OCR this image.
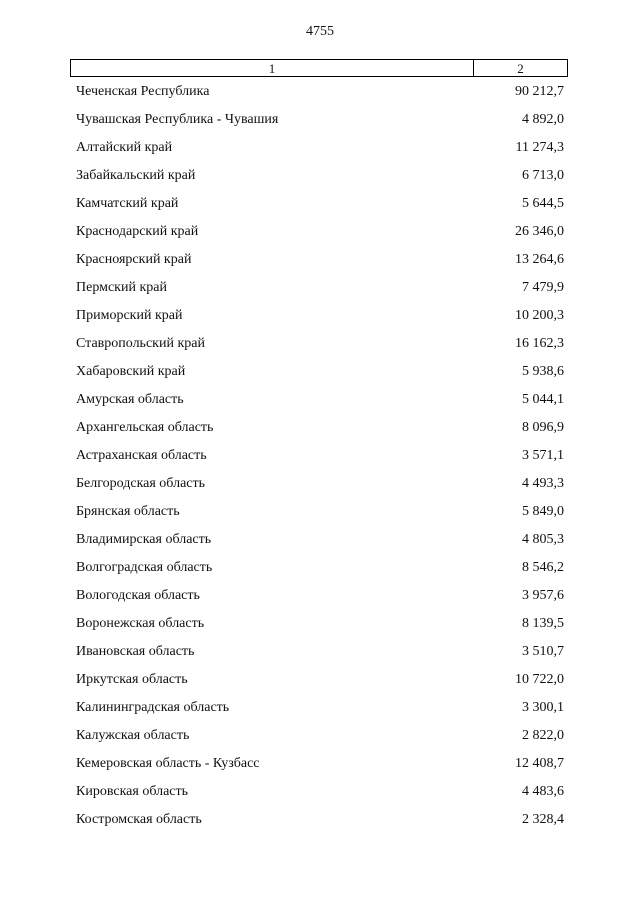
4755
1	2
Чеченская Республика	90 212,7
Чувашская Республика - Чувашия	4 892,0
Алтайский край	11 274,3
Забайкальский край	6 713,0
Камчатский край	5 644,5
Краснодарский край	26 346,0
Красноярский край	13 264,6
Пермский край	7 479,9
Приморский край	10 200,3
Ставропольский край	16 162,3
Хабаровский край	5 938,6
Амурская область	5 044,1
Архангельская область	8 096,9
Астраханская область	3 571,1
Белгородская область	4 493,3
Брянская область	5 849,0
Владимирская область	4 805,3
Волгоградская область	8 546,2
Вологодская область	3 957,6
Воронежская область	8 139,5
Ивановская область	3 510,7
Иркутская область	10 722,0
Калининградская область	3 300,1
Калужская область	2 822,0
Кемеровская область - Кузбасс	12 408,7
Кировская область	4 483,6
Костромская область	2 328,4
